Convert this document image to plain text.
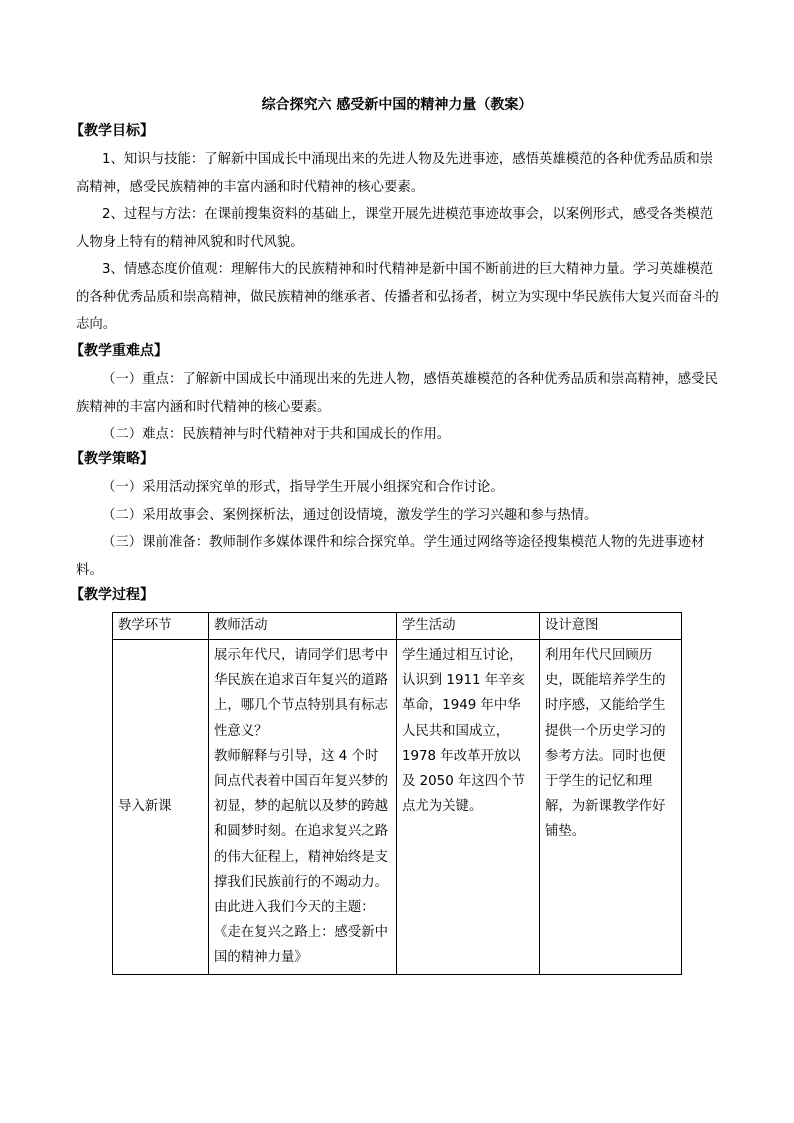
综合探究六 感受新中国的精神力量（教案）
【教学目标】

1、知识与技能：了解新中国成长中涌现出来的先进人物及先进事迹，感悟英雄模范的各种优秀品质和崇高精神，感受民族精神的丰富内涵和时代精神的核心要素。

2、过程与方法：在课前搜集资料的基础上，课堂开展先进模范事迹故事会，以案例形式，感受各类模范人物身上特有的精神风貌和时代风貌。

3、情感态度价值观：理解伟大的民族精神和时代精神是新中国不断前进的巨大精神力量。学习英雄模范的各种优秀品质和崇高精神，做民族精神的继承者、传播者和弘扬者，树立为实现中华民族伟大复兴而奋斗的志向。

【教学重难点】

（一）重点：了解新中国成长中涌现出来的先进人物，感悟英雄模范的各种优秀品质和崇高精神，感受民族精神的丰富内涵和时代精神的核心要素。

（二）难点：民族精神与时代精神对于共和国成长的作用。

【教学策略】

（一）采用活动探究单的形式，指导学生开展小组探究和合作讨论。

（二）采用故事会、案例探析法，通过创设情境，激发学生的学习兴趣和参与热情。

（三）课前准备：教师制作多媒体课件和综合探究单。学生通过网络等途径搜集模范人物的先进事迹材料。

【教学过程】
教学环节	教师活动	学生活动	设计意图
导入新课	展示年代尺，请同学们思考中华民族在追求百年复兴的道路上，哪几个节点特别具有标志性意义？
教师解释与引导，这 4 个时间点代表着中国百年复兴梦的初显，梦的起航以及梦的跨越和圆梦时刻。在追求复兴之路的伟大征程上，精神始终是支撑我们民族前行的不竭动力。由此进入我们今天的主题：《走在复兴之路上：感受新中国的精神力量》	学生通过相互讨论，认识到 1911 年辛亥革命，1949 年中华人民共和国成立，1978 年改革开放以及 2050 年这四个节点尤为关键。	利用年代尺回顾历史，既能培养学生的时序感，又能给学生提供一个历史学习的参考方法。同时也便于学生的记忆和理解，为新课教学作好铺垫。
